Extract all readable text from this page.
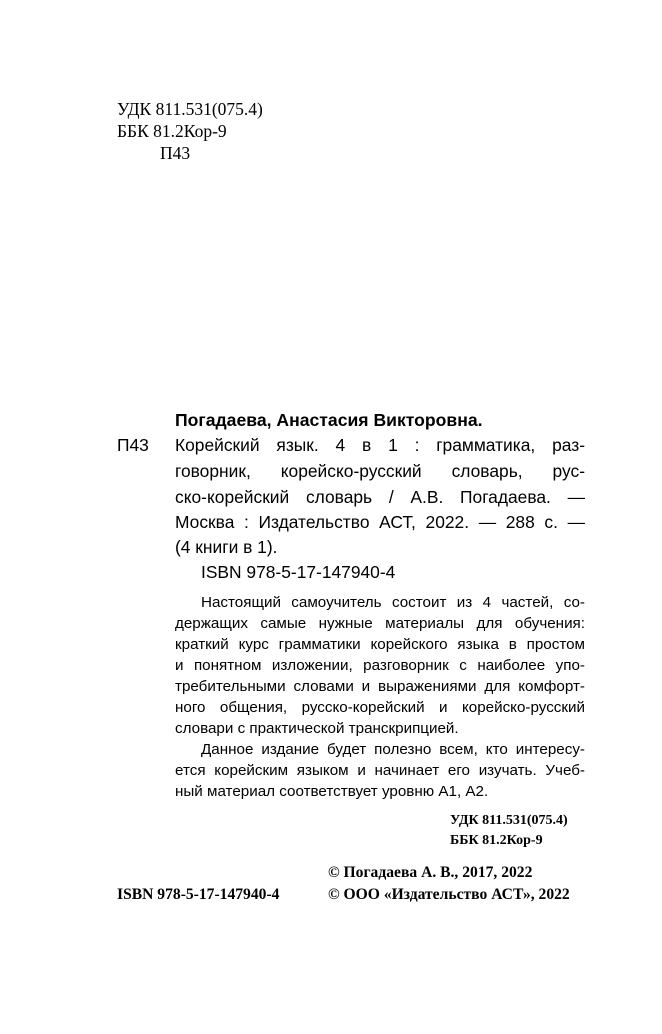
УДК 811.531(075.4)
ББК 81.2Кор-9
П43
Погадаева, Анастасия Викторовна.
П43 Корейский язык. 4 в 1 : грамматика, раз-
говорник, корейско-русский словарь, рус-
ско-корейский словарь / А.В. Погадаева. —
Москва : Издательство АСТ, 2022. — 288 с. —
(4 книги в 1).
ISBN 978-5-17-147940-4
Настоящий самоучитель состоит из 4 частей, со-
держащих самые нужные материалы для обучения:
краткий курс грамматики корейского языка в простом
и понятном изложении, разговорник с наиболее упо-
требительными словами и выражениями для комфорт-
ного общения, русско-корейский и корейско-русский
словари с практической транскрипцией.
Данное издание будет полезно всем, кто интересу-
ется корейским языком и начинает его изучать. Учеб-
ный материал соответствует уровню А1, А2.
УДК 811.531(075.4)
ББК 81.2Кор-9
© Погадаева А. В., 2017, 2022
ISBN 978-5-17-147940-4	© ООО «Издательство АСТ», 2022
